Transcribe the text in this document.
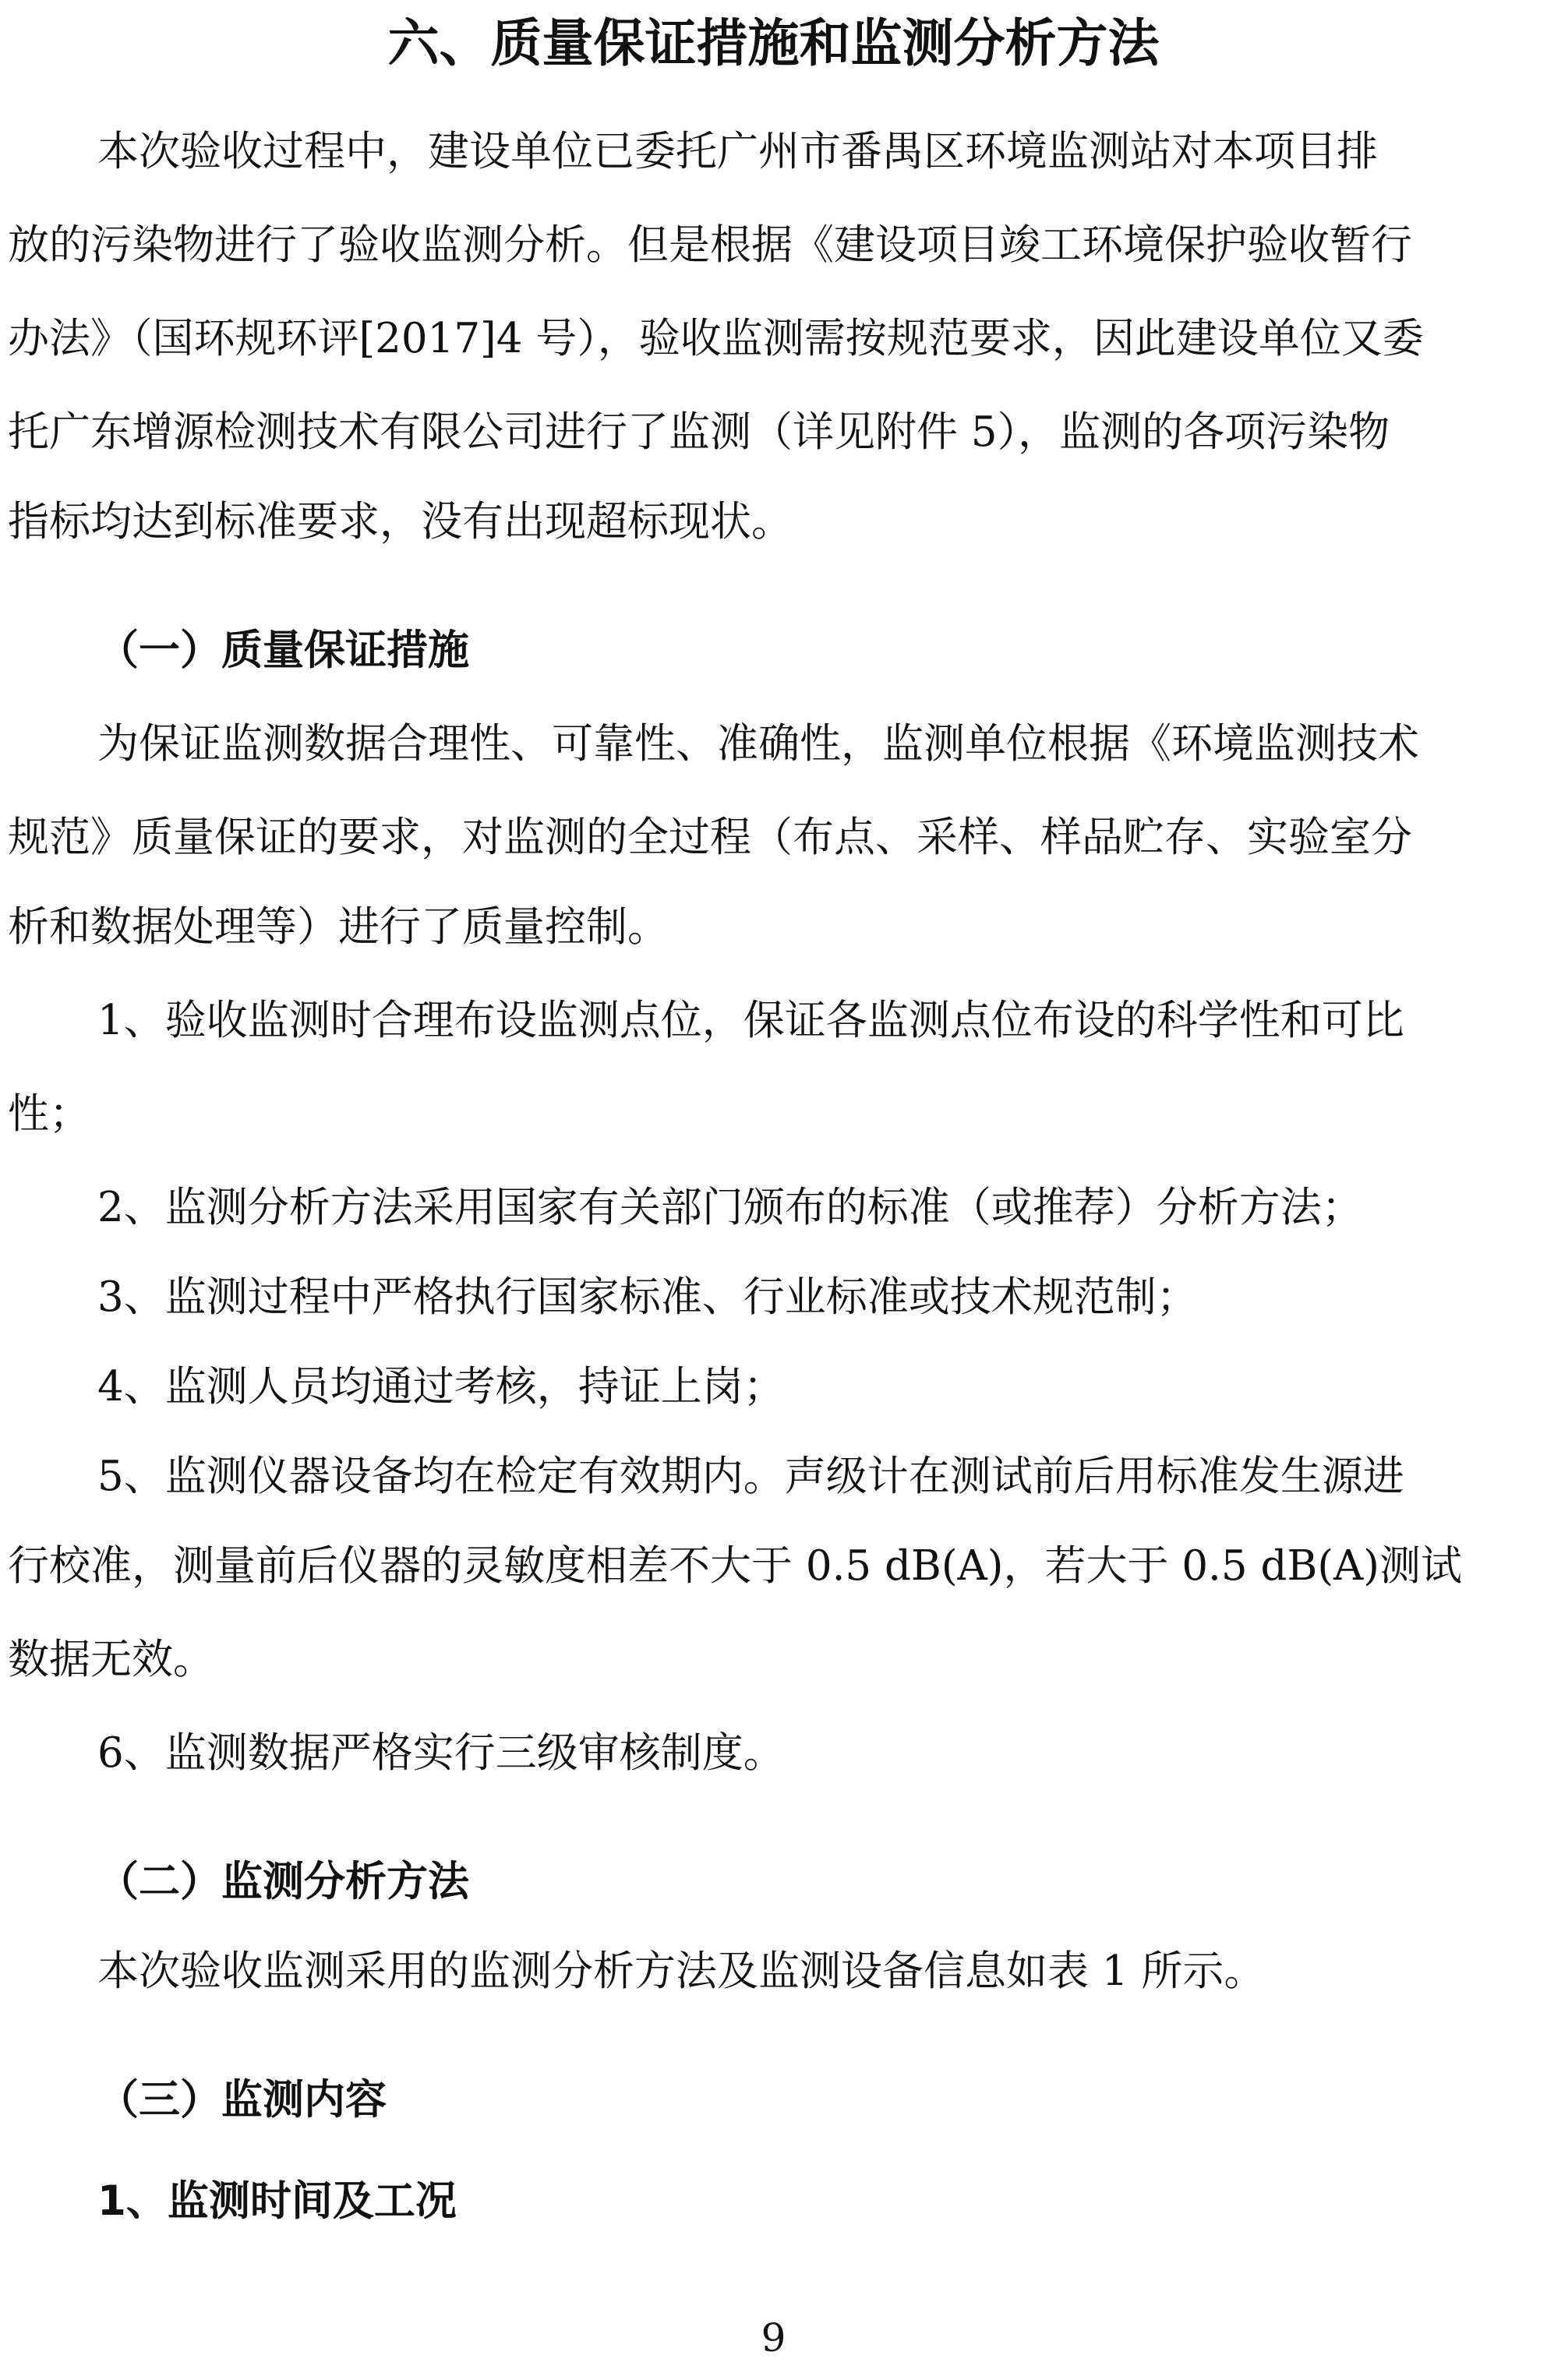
六、质量保证措施和监测分析方法

本次验收过程中，建设单位已委托广州市番禺区环境监测站对本项目排

放的污染物进行了验收监测分析。但是根据《建设项目竣工环境保护验收暂行

办法》（国环规环评[2017]4 号），验收监测需按规范要求，因此建设单位又委

托广东增源检测技术有限公司进行了监测（详见附件 5），监测的各项污染物

指标均达到标准要求，没有出现超标现状。

（一）质量保证措施

为保证监测数据合理性、可靠性、准确性，监测单位根据《环境监测技术

规范》质量保证的要求，对监测的全过程（布点、采样、样品贮存、实验室分

析和数据处理等）进行了质量控制。

1、验收监测时合理布设监测点位，保证各监测点位布设的科学性和可比

性；

2、监测分析方法采用国家有关部门颁布的标准（或推荐）分析方法；

3、监测过程中严格执行国家标准、行业标准或技术规范制；

4、监测人员均通过考核，持证上岗；

5、监测仪器设备均在检定有效期内。声级计在测试前后用标准发生源进

行校准，测量前后仪器的灵敏度相差不大于 0.5 dB(A)，若大于 0.5 dB(A)测试

数据无效。

6、监测数据严格实行三级审核制度。

（二）监测分析方法

本次验收监测采用的监测分析方法及监测设备信息如表 1 所示。

（三）监测内容
1、监测时间及工况

9
